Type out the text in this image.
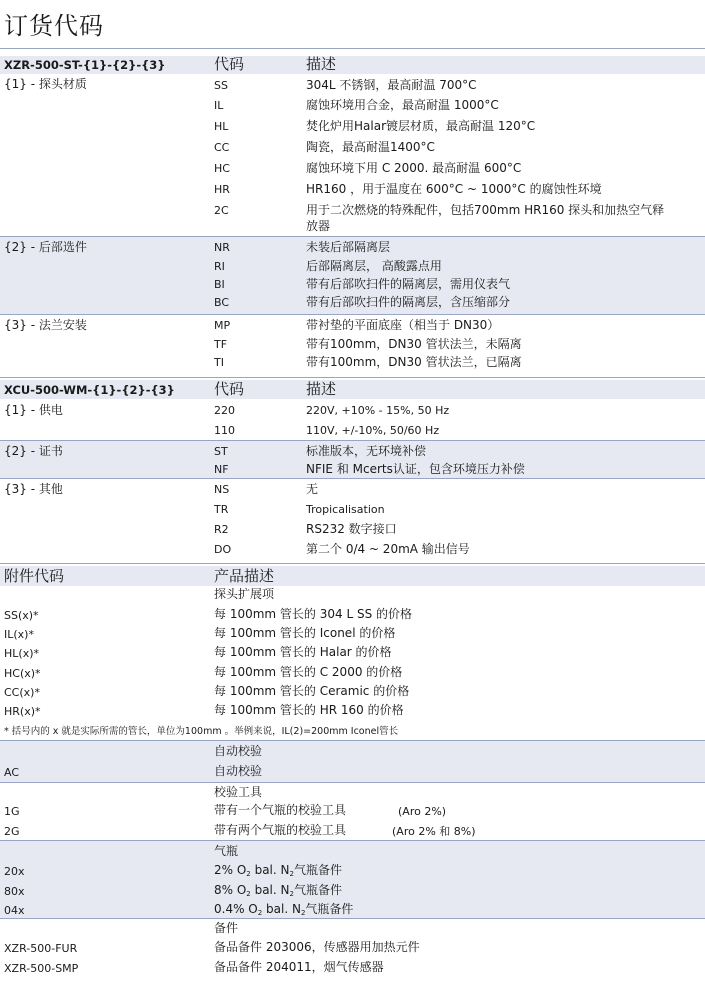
订货代码
XZR-500-ST-{1}-{2}-{3}	代码	描述
{1} - 探头材质	SS	304L 不锈钢，最高耐温 700°C
IL	腐蚀环境用合金，最高耐温 1000°C
HL	焚化炉用Halar镀层材质，最高耐温 120°C
CC	陶瓷，最高耐温1400°C
HC	腐蚀环境下用 C 2000. 最高耐温 600°C
HR	HR160 ，用于温度在 600°C ~ 1000°C 的腐蚀性环境
2C	用于二次燃烧的特殊配件，包括700mm HR160 探头和加热空气释
放器
{2} - 后部选件	NR	未装后部隔离层
RI	后部隔离层， 高酸露点用
BI	带有后部吹扫件的隔离层，需用仪表气
BC	带有后部吹扫件的隔离层，含压缩部分
{3} - 法兰安装	MP	带衬垫的平面底座（相当于 DN30）
TF	带有100mm，DN30 管状法兰，未隔离
TI	带有100mm，DN30 管状法兰，已隔离
XCU-500-WM-{1}-{2}-{3}	代码	描述
{1} - 供电	220	220V, +10% - 15%, 50 Hz
110	110V, +/-10%, 50/60 Hz
{2} - 证书	ST	标准版本，无环境补偿
NF	NFIE 和 Mcerts认证，包含环境压力补偿
{3} - 其他	NS	无
TR	Tropicalisation
R2	RS232 数字接口
DO	第二个 0/4 ~ 20mA 输出信号
附件代码	产品描述
探头扩展项
SS(x)*	每 100mm 管长的 304 L SS 的价格
IL(x)*	每 100mm 管长的 Iconel 的价格
HL(x)*	每 100mm 管长的 Halar 的价格
HC(x)*	每 100mm 管长的 C 2000 的价格
CC(x)*	每 100mm 管长的 Ceramic 的价格
HR(x)*	每 100mm 管长的 HR 160 的价格
* 括号内的 x 就是实际所需的管长，单位为100mm 。举例来说，IL(2)=200mm Iconel管长
自动校验
AC	自动校验
校验工具
1G	带有一个气瓶的校验工具	(Aro 2%)
2G	带有两个气瓶的校验工具	(Aro 2% 和 8%)
气瓶
20x	2% $O_2$ bal. $N_2$气瓶备件
80x	8% $O_2$ bal. $N_2$气瓶备件
04x	0.4% $O_2$ bal. $N_2$气瓶备件
备件
XZR-500-FUR	备品备件 203006，传感器用加热元件
XZR-500-SMP	备品备件 204011，烟气传感器
